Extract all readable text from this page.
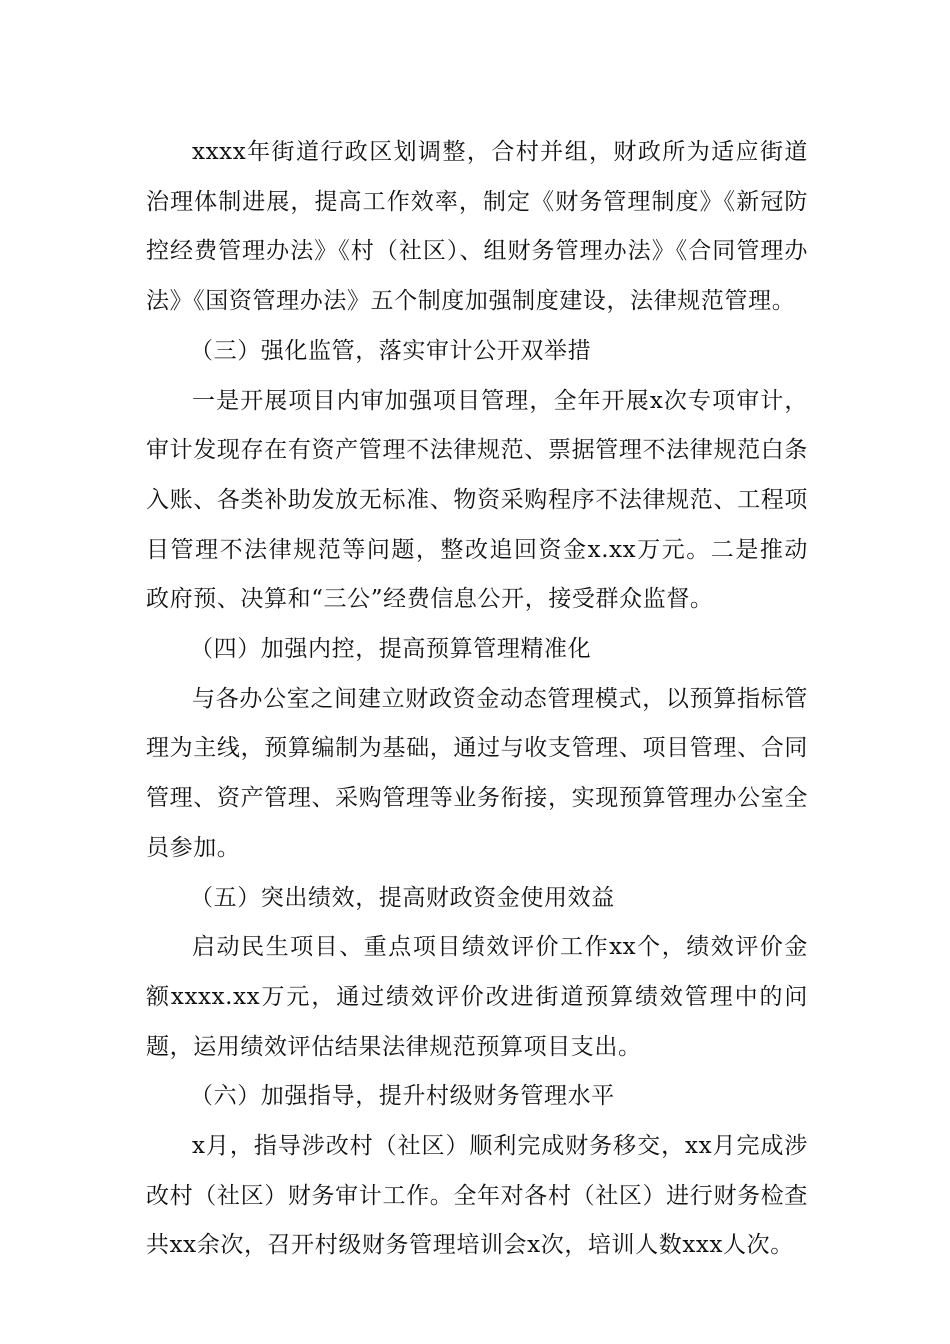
xxxx年街道行政区划调整，合村并组，财政所为适应街道治理体制进展，提高工作效率，制定《财务管理制度》《新冠防控经费管理办法》《村（社区）、组财务管理办法》《合同管理办法》《国资管理办法》五个制度加强制度建设，法律规范管理。

（三）强化监管，落实审计公开双举措

一是开展项目内审加强项目管理，全年开展x次专项审计，审计发现存在有资产管理不法律规范、票据管理不法律规范白条入账、各类补助发放无标准、物资采购程序不法律规范、工程项目管理不法律规范等问题，整改追回资金x.xx万元。二是推动政府预、决算和“三公”经费信息公开，接受群众监督。

（四）加强内控，提高预算管理精准化

与各办公室之间建立财政资金动态管理模式，以预算指标管理为主线，预算编制为基础，通过与收支管理、项目管理、合同管理、资产管理、采购管理等业务衔接，实现预算管理办公室全员参加。

（五）突出绩效，提高财政资金使用效益

启动民生项目、重点项目绩效评价工作xx个，绩效评价金额xxxx.xx万元，通过绩效评价改进街道预算绩效管理中的问题，运用绩效评估结果法律规范预算项目支出。

（六）加强指导，提升村级财务管理水平

x月，指导涉改村（社区）顺利完成财务移交，xx月完成涉改村（社区）财务审计工作。全年对各村（社区）进行财务检查共xx余次，召开村级财务管理培训会x次，培训人数xxx人次。
